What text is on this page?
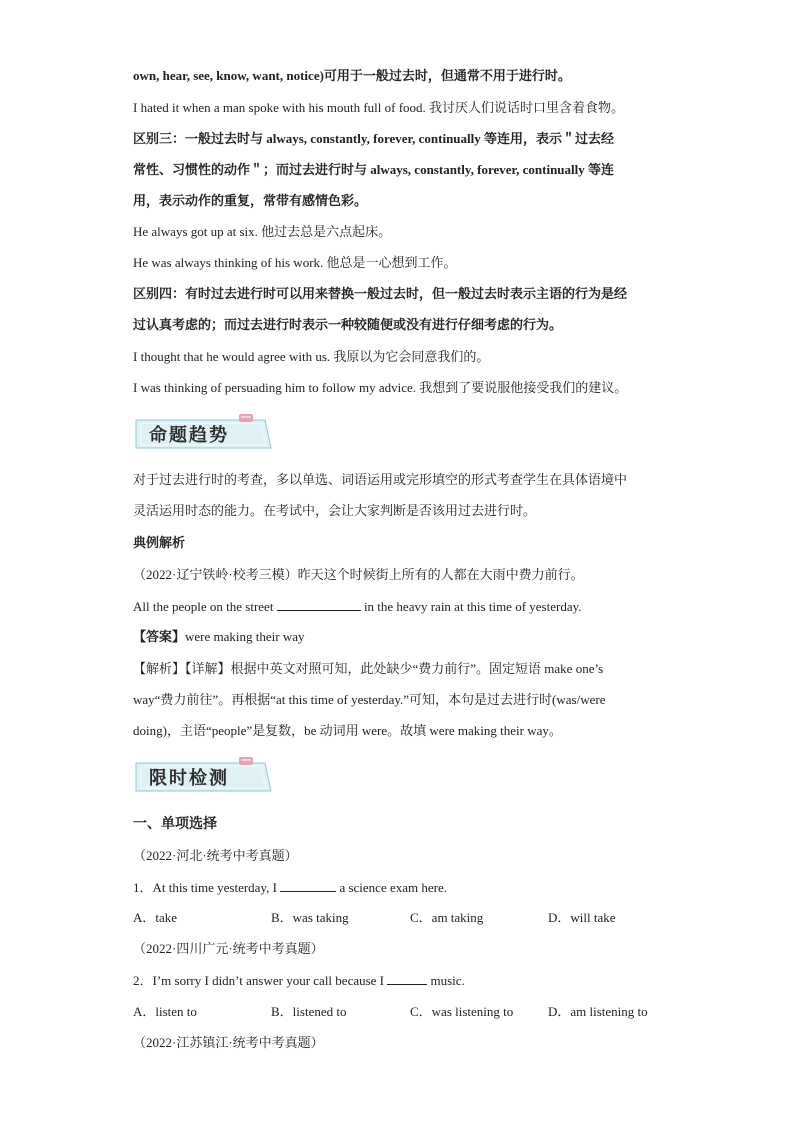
own, hear, see, know, want, notice)可用于一般过去时，但通常不用于进行时。
I hated it when a man spoke with his mouth full of food. 我讨厌人们说话时口里含着食物。
区别三：一般过去时与 always, constantly, forever, continually 等连用，表示＂过去经
常性、习惯性的动作＂；而过去进行时与 always, constantly, forever, continually 等连
用，表示动作的重复，常带有感情色彩。
He always got up at six. 他过去总是六点起床。
He was always thinking of his work. 他总是一心想到工作。
区别四：有时过去进行时可以用来替换一般过去时，但一般过去时表示主语的行为是经
过认真考虑的；而过去进行时表示一种较随便或没有进行仔细考虑的行为。
I thought that he would agree with us. 我原以为它会同意我们的。
I was thinking of persuading him to follow my advice. 我想到了要说服他接受我们的建议。
命题趋势
对于过去进行时的考查，多以单选、词语运用或完形填空的形式考查学生在具体语境中
灵活运用时态的能力。在考试中，会让大家判断是否该用过去进行时。
典例解析
（2022·辽宁铁岭·校考三模）昨天这个时候街上所有的人都在大雨中费力前行。
All the people on the street	in the heavy rain at this time of yesterday.
【答案】were making their way
【解析】【详解】根据中英文对照可知，此处缺少“费力前行”。固定短语 make one’s
way“费力前往”。再根据“at this time of yesterday.”可知，本句是过去进行时(was/were
doing)，主语“people”是复数，be 动词用 were。故填 were making their way。
限时检测
一、单项选择
（2022·河北·统考中考真题）
1．At this time yesterday, I	a science exam here.
A．take	B．was taking	C．am taking	D．will take
（2022·四川广元·统考中考真题）
2．I’m sorry I didn’t answer your call because I	music.
A．listen to	B．listened to	C．was listening to	D．am listening to
（2022·江苏镇江·统考中考真题）
